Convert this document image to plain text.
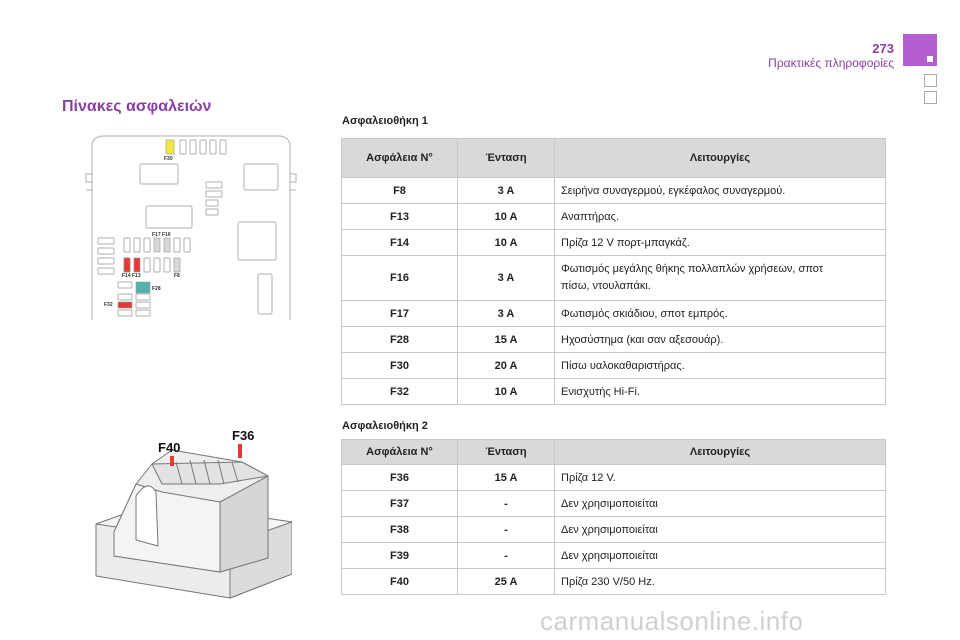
273
Πρακτικές πληροφορίες
Πίνακες ασφαλειών
F30
F17 F16
F14 F13	F8
F28
F32
F40
F36
Ασφαλειοθήκη 1
Ασφάλεια N°	Ένταση	Λειτουργίες
F8	3 A	Σειρήνα συναγερμού, εγκέφαλος συναγερμού.
F13	10 A	Αναπτήρας.
F14	10 A	Πρίζα 12 V πορτ-μπαγκάζ.
F16	3 A	Φωτισμός μεγάλης θήκης πολλαπλών χρήσεων, σποτ
πίσω, ντουλαπάκι.
F17	3 A	Φωτισμός σκιάδιου, σποτ εμπρός.
F28	15 A	Ηχοσύστημα (και σαν αξεσουάρ).
F30	20 A	Πίσω υαλοκαθαριστήρας.
F32	10 A	Ενισχυτής Hi-Fi.
Ασφαλειοθήκη 2
Ασφάλεια N°	Ένταση	Λειτουργίες
F36	15 A	Πρίζα 12 V.
F37	-	Δεν χρησιμοποιείται
F38	-	Δεν χρησιμοποιείται
F39	-	Δεν χρησιμοποιείται
F40	25 A	Πρίζα 230 V/50 Hz.
carmanualsonline.info
